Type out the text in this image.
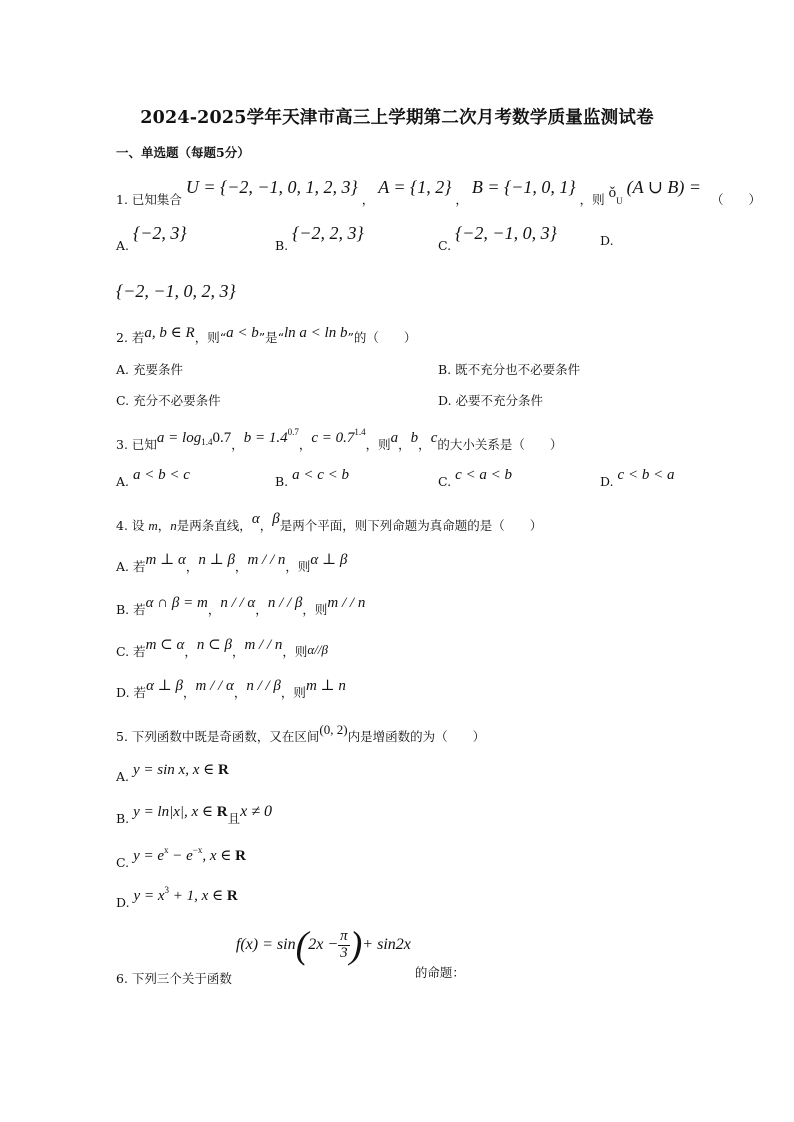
2024-2025学年天津市高三上学期第二次月考数学质量监测试卷
一、单选题（每题5分）
1. 已知集合 U = {−2, −1, 0, 1, 2, 3} ， A = {1, 2} ， B = {−1, 0, 1} ，则 $ǒ_U$ (A ∪ B) = （　　）
A. {−2, 3}
B. {−2, 2, 3}
C. {−2, −1, 0, 3}	D.
{−2, −1, 0, 2, 3}
2. 若a, b ∈ R，则“a < b”是“ln a < ln b”的（　　）
A. 充要条件	B. 既不充分也不必要条件
C. 充分不必要条件	D. 必要不充分条件
3. 已知$a = \log_{1.4}0.7$，$b = 1.4^{0.7}$，$c = 0.7^{1.4}$，则a，b，c的大小关系是（　　）
A. a < b < c	B. a < c < b	C. c < a < b	D. c < b < a
4. 设 m，n是两条直线，α，β是两个平面，则下列命题为真命题的是（　　）
A. 若m ⊥ α，n ⊥ β，m / / n，则α ⊥ β
B. 若α ∩ β = m，n / / α，n / / β，则m / / n
C. 若m ⊂ α，n ⊂ β，m / / n，则α//β
D. 若α ⊥ β，m / / α，n / / β，则m ⊥ n
5. 下列函数中既是奇函数，又在区间(0, 2)内是增函数的为（　　）
A. y = sin x, x ∈ R
B. y = ln|x|, x ∈ R且x ≠ 0
C. $y = e^x - e^{-x}$, x ∈ R
D. $y = x^3 + 1$, x ∈ R
6. 下列三个关于函数 $f(x) = \sin(2x - \frac{\pi}{3}$ )+ sin2x 的命题：
